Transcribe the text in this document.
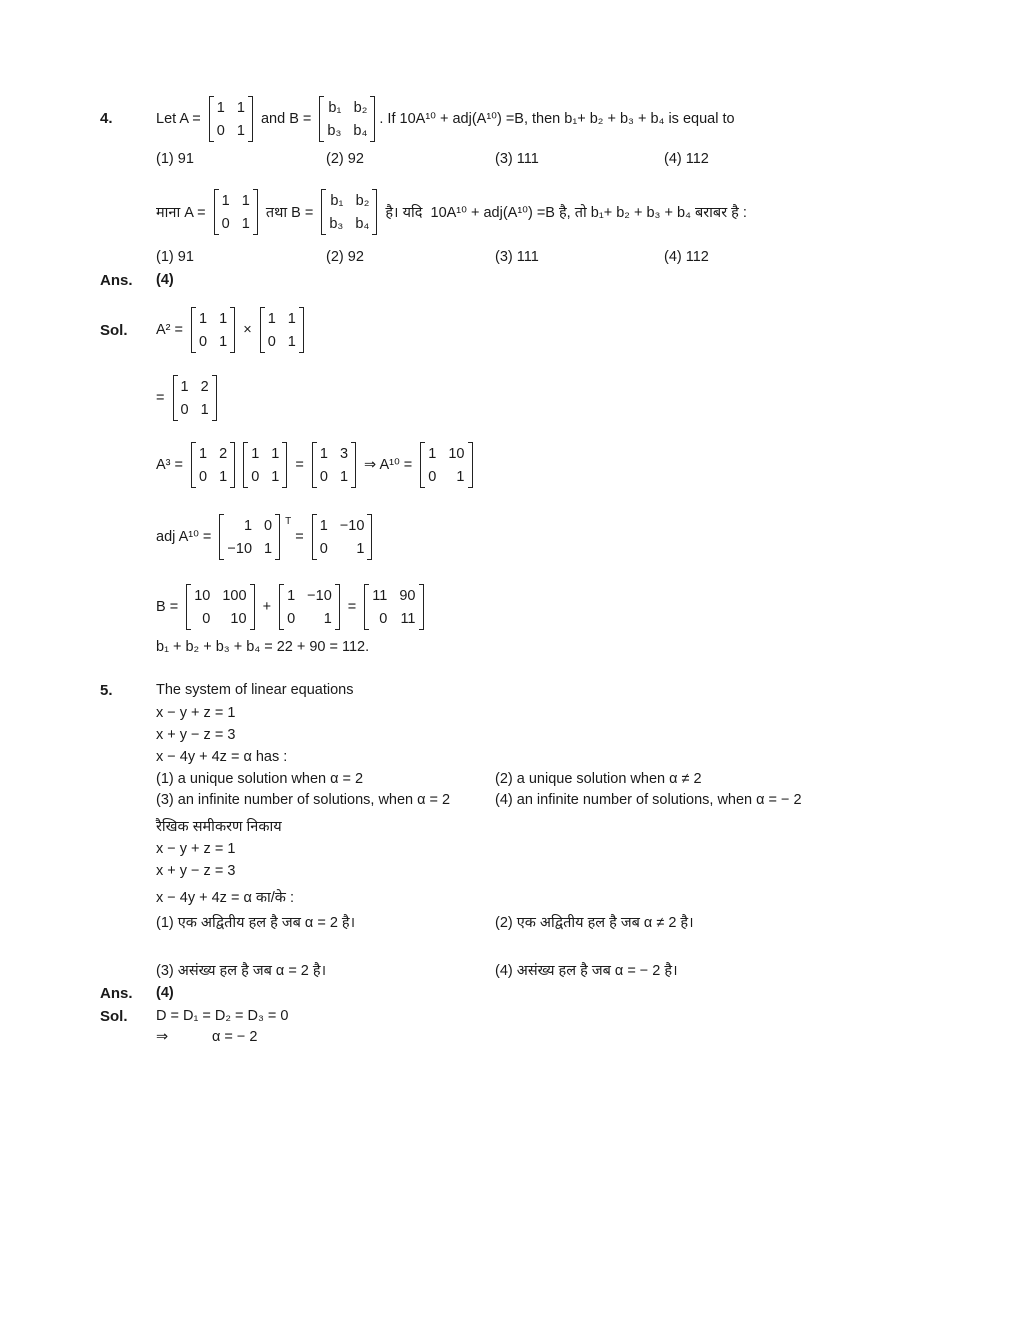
4.	Let A =
1 1
0 1
and B =
b₁ b₂
b₃ b₄
. If 10A¹⁰ + adj(A¹⁰) =B, then b₁+ b₂ + b₃ + b₄ is equal to
(1) 91	(2) 92	(3) 111	(4) 112
माना A =
1 1
0 1
तथा B =
b₁ b₂
b₃ b₄
है। यदि  10A¹⁰ + adj(A¹⁰) =B है, तो b₁+ b₂ + b₃ + b₄ बराबर है :
(1) 91	(2) 92	(3) 111	(4) 112
Ans. (4)
Sol. A² =
1 1
0 1
×
1 1
0 1
=
1 2
0 1
A³ =
1 2
0 1
1 1
0 1
=
1 3
0 1
⇒ A¹⁰ =
1 10
0	1
adj A¹⁰ =
1 0
−10 1
T
=
1 −10
0	1
B =
10 100
0	10
+
1 −10
0	1
=
11 90
0 11
b₁ + b₂ + b₃ + b₄ = 22 + 90 = 112.
5.	The system of linear equations
x − y + z = 1
x + y − z = 3
x − 4y + 4z = α has :
(1) a unique solution when α = 2	(2) a unique solution when α ≠ 2
(3) an infinite number of solutions, when α = 2	(4) an infinite number of solutions, when α = − 2
रैखिक समीकरण निकाय
x − y + z = 1
x + y − z = 3
x − 4y + 4z = α का/के :
(1) एक अद्वितीय हल है जब α = 2 है।	(2) एक अद्वितीय हल है जब α ≠ 2 है।
(3) असंख्य हल है जब α = 2 है।	(4) असंख्य हल है जब α = − 2 है।
Ans. (4)
Sol. D = D₁ = D₂ = D₃ = 0
⇒	α = − 2
